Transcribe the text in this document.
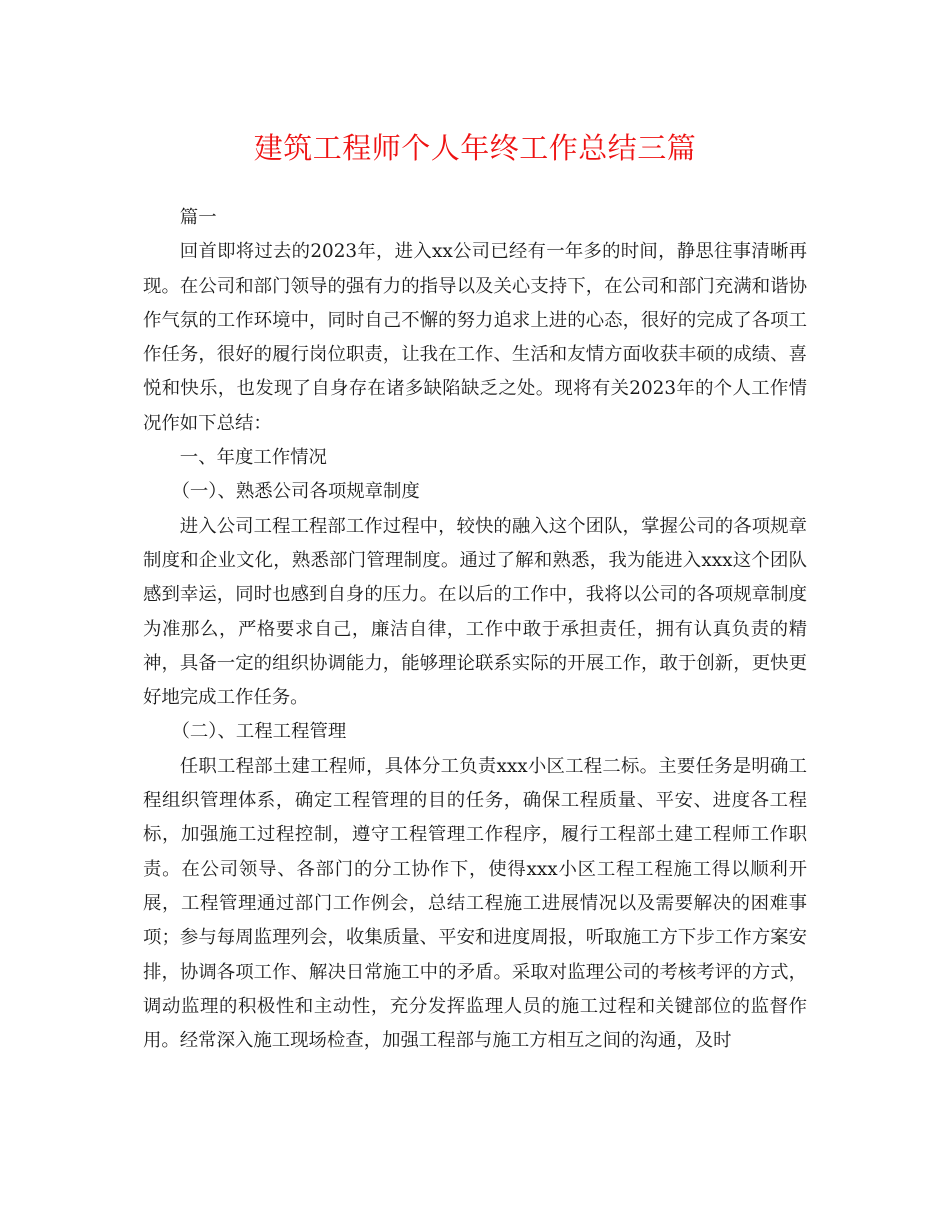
建筑工程师个人年终工作总结三篇

篇一

回首即将过去的2023年，进入xx公司已经有一年多的时间，静思往事清晰再现。在公司和部门领导的强有力的指导以及关心支持下，在公司和部门充满和谐协作气氛的工作环境中，同时自己不懈的努力追求上进的心态，很好的完成了各项工作任务，很好的履行岗位职责，让我在工作、生活和友情方面收获丰硕的成绩、喜悦和快乐，也发现了自身存在诸多缺陷缺乏之处。现将有关2023年的个人工作情况作如下总结：

一、年度工作情况

（一）、熟悉公司各项规章制度

进入公司工程工程部工作过程中，较快的融入这个团队，掌握公司的各项规章制度和企业文化，熟悉部门管理制度。通过了解和熟悉，我为能进入xxx这个团队感到幸运，同时也感到自身的压力。在以后的工作中，我将以公司的各项规章制度为准那么，严格要求自己，廉洁自律，工作中敢于承担责任，拥有认真负责的精神，具备一定的组织协调能力，能够理论联系实际的开展工作，敢于创新，更快更好地完成工作任务。

（二）、工程工程管理

任职工程部土建工程师，具体分工负责xxx小区工程二标。主要任务是明确工程组织管理体系，确定工程管理的目的任务，确保工程质量、平安、进度各工程标，加强施工过程控制，遵守工程管理工作程序，履行工程部土建工程师工作职责。在公司领导、各部门的分工协作下，使得xxx小区工程工程施工得以顺利开展，工程管理通过部门工作例会，总结工程施工进展情况以及需要解决的困难事项；参与每周监理列会，收集质量、平安和进度周报，听取施工方下步工作方案安排，协调各项工作、解决日常施工中的矛盾。采取对监理公司的考核考评的方式，调动监理的积极性和主动性，充分发挥监理人员的施工过程和关键部位的监督作用。经常深入施工现场检查，加强工程部与施工方相互之间的沟通，及时
